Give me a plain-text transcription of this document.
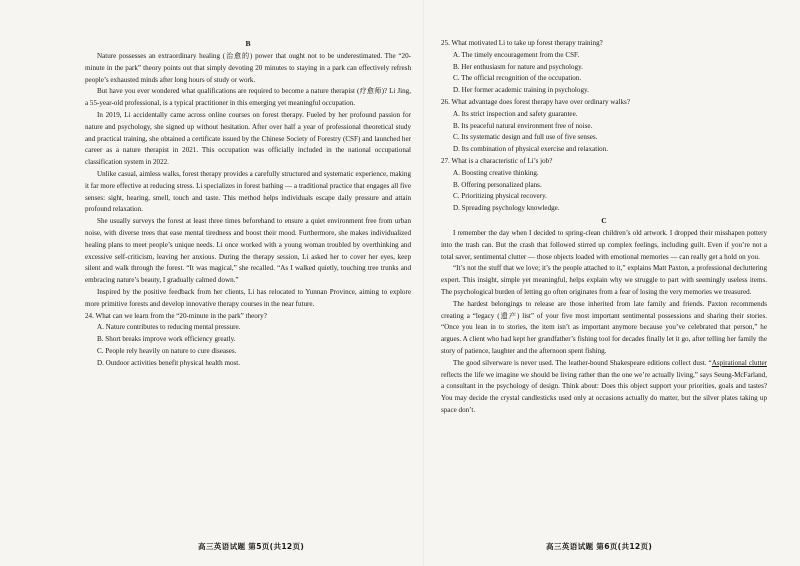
B

Nature possesses an extraordinary healing (治愈的) power that ought not to be underestimated. The “20-minute in the park” theory points out that simply devoting 20 minutes to staying in a park can effectively refresh people’s exhausted minds after long hours of study or work.

But have you ever wondered what qualifications are required to become a nature therapist (疗愈师)? Li Jing, a 55-year-old professional, is a typical practitioner in this emerging yet meaningful occupation.

In 2019, Li accidentally came across online courses on forest therapy. Fueled by her profound passion for nature and psychology, she signed up without hesitation. After over half a year of professional theoretical study and practical training, she obtained a certificate issued by the Chinese Society of Forestry (CSF) and launched her career as a nature therapist in 2021. This occupation was officially included in the national occupational classification system in 2022.

Unlike casual, aimless walks, forest therapy provides a carefully structured and systematic experience, making it far more effective at reducing stress. Li specializes in forest bathing — a traditional practice that engages all five senses: sight, hearing, smell, touch and taste. This method helps individuals escape daily pressure and attain profound relaxation.

She usually surveys the forest at least three times beforehand to ensure a quiet environment free from urban noise, with diverse trees that ease mental tiredness and boost their mood. Furthermore, she makes individualized healing plans to meet people’s unique needs. Li once worked with a young woman troubled by overthinking and excessive self-criticism, leaving her anxious. During the therapy session, Li asked her to cover her eyes, keep silent and walk through the forest. “It was magical,” she recalled. “As I walked quietly, touching tree trunks and embracing nature’s beauty, I gradually calmed down.”

Inspired by the positive feedback from her clients, Li has relocated to Yunnan Province, aiming to explore more primitive forests and develop innovative therapy courses in the near future.

24. What can we learn from the “20-minute in the park” theory?

A. Nature contributes to reducing mental pressure.

B. Short breaks improve work efficiency greatly.

C. People rely heavily on nature to cure diseases.

D. Outdoor activities benefit physical health most.

高三英语试题 第5页(共12页)

25. What motivated Li to take up forest therapy training?

A. The timely encouragement from the CSF.

B. Her enthusiasm for nature and psychology.

C. The official recognition of the occupation.

D. Her former academic training in psychology.

26. What advantage does forest therapy have over ordinary walks?

A. Its strict inspection and safety guarantee.

B. Its peaceful natural environment free of noise.

C. Its systematic design and full use of five senses.

D. Its combination of physical exercise and relaxation.

27. What is a characteristic of Li’s job?

A. Boosting creative thinking.

B. Offering personalized plans.

C. Prioritizing physical recovery.

D. Spreading psychology knowledge.

C

I remember the day when I decided to spring-clean children’s old artwork. I dropped their misshapen pottery into the trash can. But the crash that followed stirred up complex feelings, including guilt. Even if you’re not a total saver, sentimental clutter — those objects loaded with emotional memories — can really get a hold on you.

“It’s not the stuff that we love; it’s the people attached to it,” explains Matt Paxton, a professional decluttering expert. This insight, simple yet meaningful, helps explain why we struggle to part with seemingly useless items. The psychological burden of letting go often originates from a fear of losing the very memories we treasured.

The hardest belongings to release are those inherited from late family and friends. Paxton recommends creating a “legacy (遗产) list” of your five most important sentimental possessions and sharing their stories. “Once you lean in to stories, the item isn’t as important anymore because you’ve celebrated that person,” he argues. A client who had kept her grandfather’s fishing tool for decades finally let it go, after telling her family the story of patience, laughter and the afternoon spent fishing.

The good silverware is never used. The leather-bound Shakespeare editions collect dust. “Aspirational clutter reflects the life we imagine we should be living rather than the one we’re actually living,” says Seung-McFarland, a consultant in the psychology of design. Think about: Does this object support your priorities, goals and tastes? You may decide the crystal candlesticks used only at occasions actually do matter, but the silver plates taking up space don’t.

高三英语试题 第6页(共12页)
